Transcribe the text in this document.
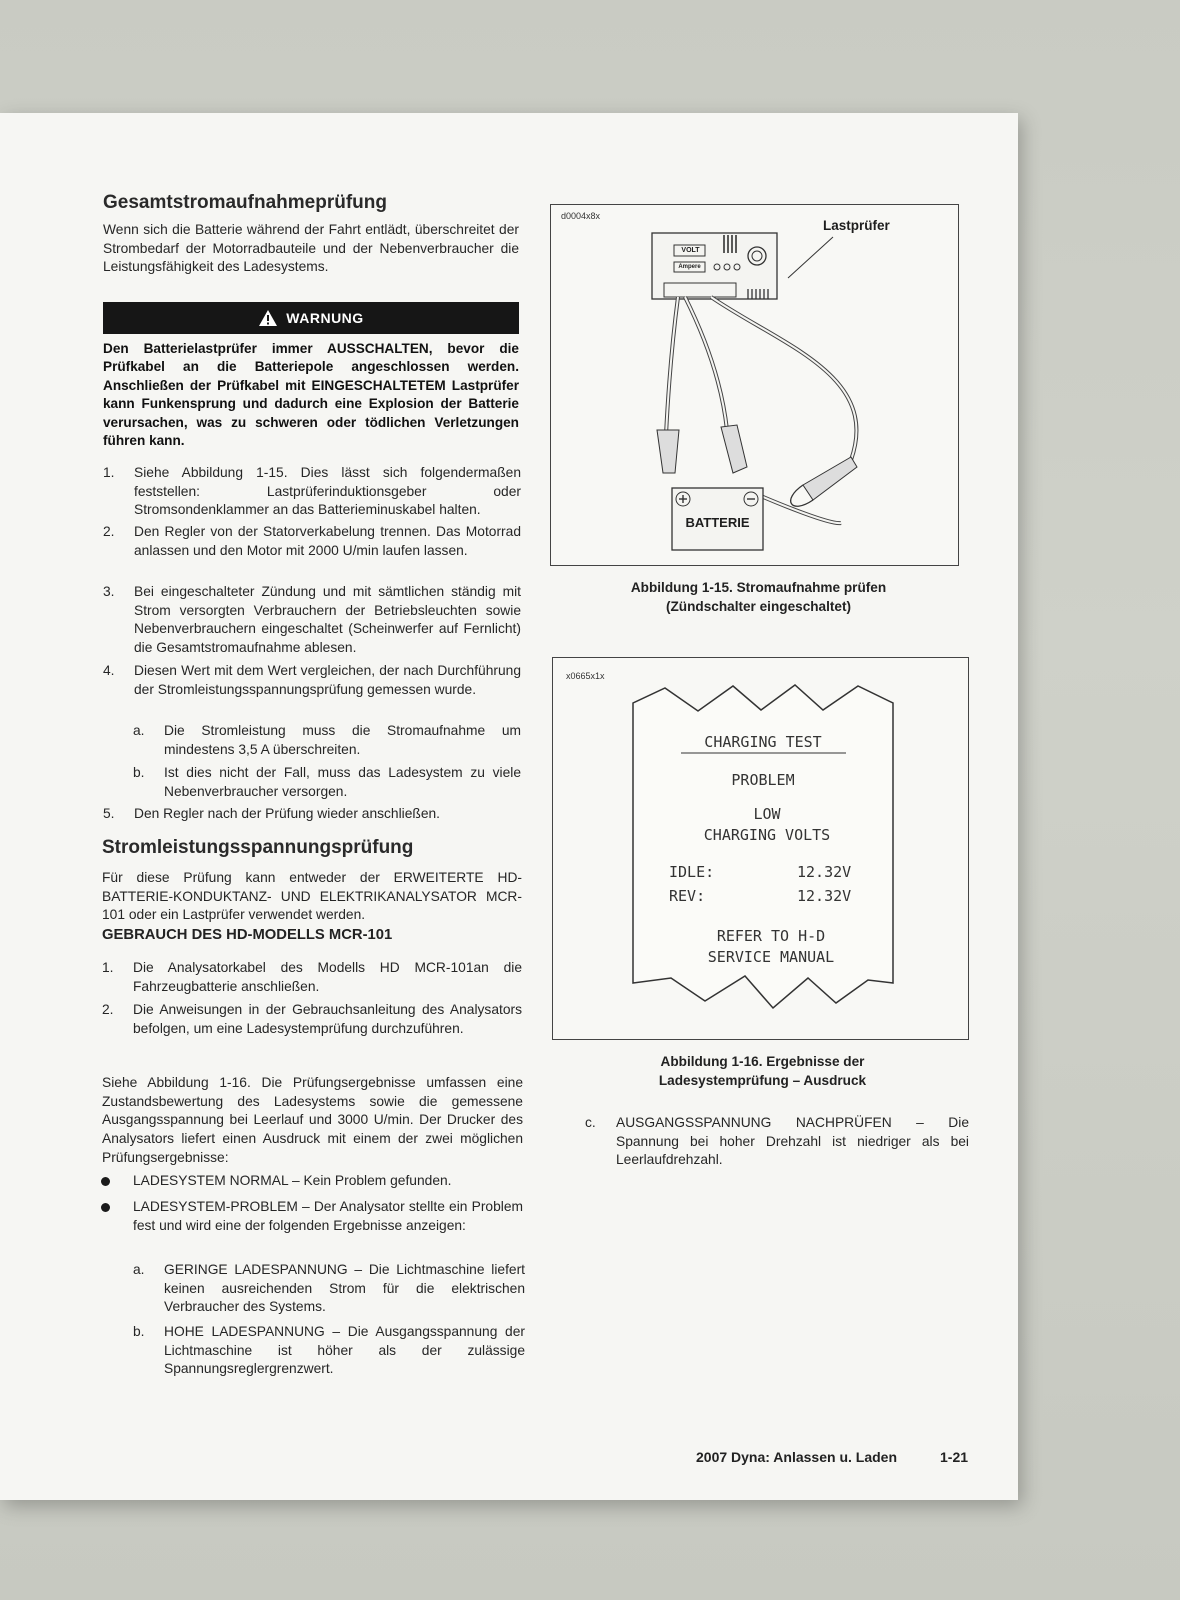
Gesamtstromaufnahmeprüfung
Wenn sich die Batterie während der Fahrt entlädt, überschreitet der Strombedarf der Motorradbauteile und der Nebenverbraucher die Leistungsfähigkeit des Ladesystems.
WARNUNG
Den Batterielastprüfer immer AUSSCHALTEN, bevor die Prüfkabel an die Batteriepole angeschlossen werden. Anschließen der Prüfkabel mit EINGESCHALTETEM Lastprüfer kann Funkensprung und dadurch eine Explosion der Batterie verursachen, was zu schweren oder tödlichen Verletzungen führen kann.
1. Siehe Abbildung 1-15. Dies lässt sich folgendermaßen feststellen: Lastprüferinduktionsgeber oder Stromsondenklammer an das Batterieminuskabel halten.
2. Den Regler von der Statorverkabelung trennen. Das Motorrad anlassen und den Motor mit 2000 U/min laufen lassen.
3. Bei eingeschalteter Zündung und mit sämtlichen ständig mit Strom versorgten Verbrauchern der Betriebsleuchten sowie Nebenverbrauchern eingeschaltet (Scheinwerfer auf Fernlicht) die Gesamtstromaufnahme ablesen.
4. Diesen Wert mit dem Wert vergleichen, der nach Durchführung der Stromleistungsspannungsprüfung gemessen wurde.
a. Die Stromleistung muss die Stromaufnahme um mindestens 3,5 A überschreiten.
b. Ist dies nicht der Fall, muss das Ladesystem zu viele Nebenverbraucher versorgen.
5. Den Regler nach der Prüfung wieder anschließen.
Stromleistungsspannungsprüfung
Für diese Prüfung kann entweder der ERWEITERTE HD-BATTERIE-KONDUKTANZ- UND ELEKTRIKANALYSATOR MCR-101 oder ein Lastprüfer verwendet werden.
GEBRAUCH DES HD-MODELLS MCR-101
1. Die Analysatorkabel des Modells HD MCR-101an die Fahrzeugbatterie anschließen.
2. Die Anweisungen in der Gebrauchsanleitung des Analysators befolgen, um eine Ladesystemprüfung durchzuführen.
Siehe Abbildung 1-16. Die Prüfungsergebnisse umfassen eine Zustandsbewertung des Ladesystems sowie die gemessene Ausgangsspannung bei Leerlauf und 3000 U/min. Der Drucker des Analysators liefert einen Ausdruck mit einem der zwei möglichen Prüfungsergebnisse:
LADESYSTEM NORMAL – Kein Problem gefunden.
LADESYSTEM-PROBLEM – Der Analysator stellte ein Problem fest und wird eine der folgenden Ergebnisse anzeigen:
a. GERINGE LADESPANNUNG – Die Lichtmaschine liefert keinen ausreichenden Strom für die elektrischen Verbraucher des Systems.
b. HOHE LADESPANNUNG – Die Ausgangsspannung der Lichtmaschine ist höher als der zulässige Spannungsreglergrenzwert.
d0004x8x
VOLT
Ampere
Lastprüfer
BATTERIE
Abbildung 1-15. Stromaufnahme prüfen
(Zündschalter eingeschaltet)
x0665x1x
CHARGING TEST
PROBLEM
LOW
CHARGING VOLTS
IDLE:	12.32V
REV:	12.32V
REFER TO H-D
SERVICE MANUAL
Abbildung 1-16. Ergebnisse der
Ladesystemprüfung – Ausdruck
c. AUSGANGSSPANNUNG NACHPRÜFEN – Die Spannung bei hoher Drehzahl ist niedriger als bei Leerlaufdrehzahl.
2007 Dyna: Anlassen u. Laden	1-21
